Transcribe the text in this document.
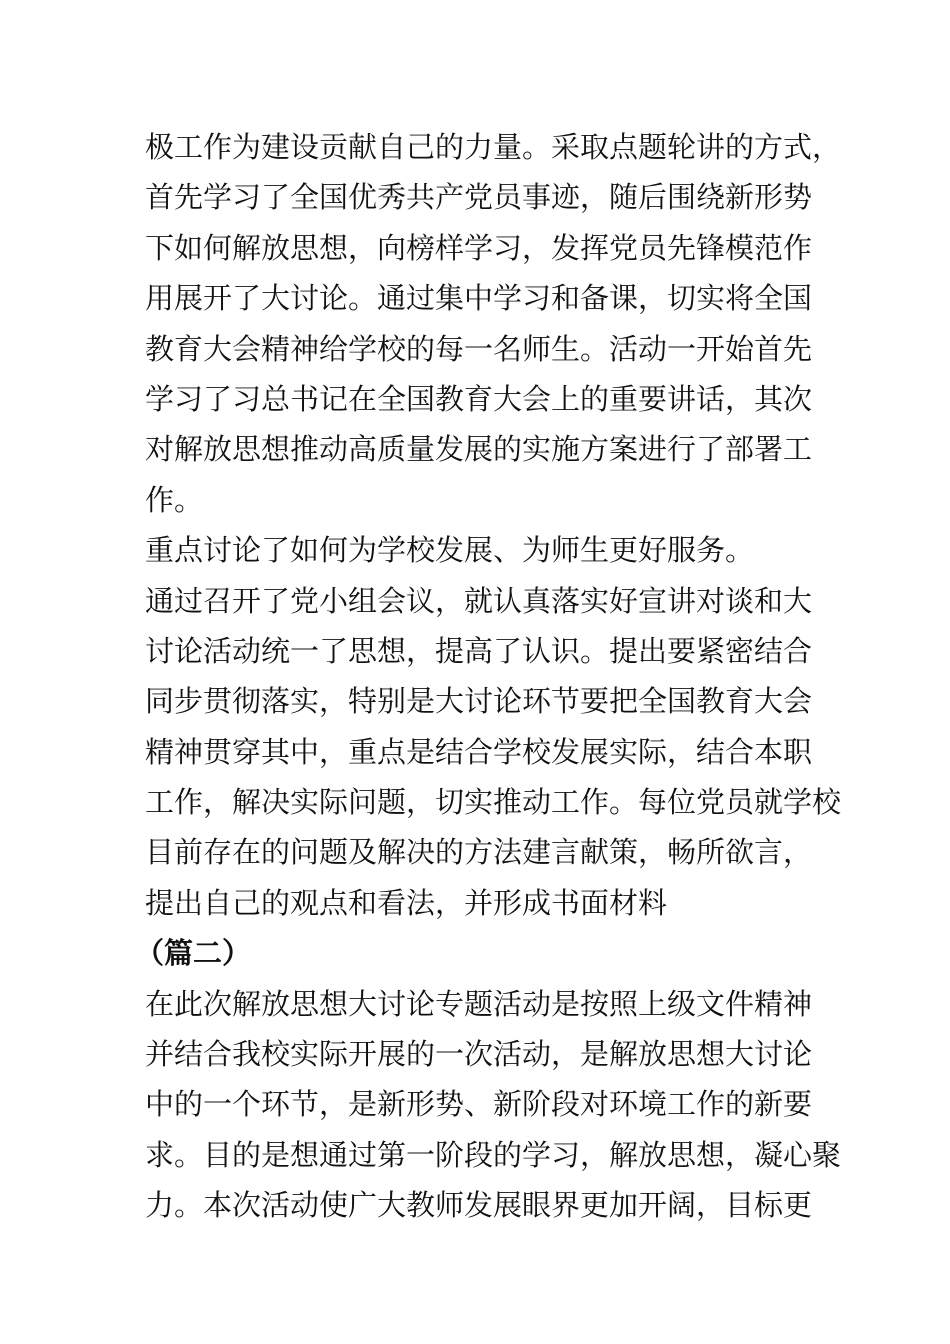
极工作为建设贡献自己的力量。采取点题轮讲的方式，
首先学习了全国优秀共产党员事迹，随后围绕新形势
下如何解放思想，向榜样学习，发挥党员先锋模范作
用展开了大讨论。通过集中学习和备课，切实将全国
教育大会精神给学校的每一名师生。活动一开始首先
学习了习总书记在全国教育大会上的重要讲话，其次
对解放思想推动高质量发展的实施方案进行了部署工
作。
重点讨论了如何为学校发展、为师生更好服务。
通过召开了党小组会议，就认真落实好宣讲对谈和大
讨论活动统一了思想，提高了认识。提出要紧密结合
同步贯彻落实，特别是大讨论环节要把全国教育大会
精神贯穿其中，重点是结合学校发展实际，结合本职
工作，解决实际问题，切实推动工作。每位党员就学校
目前存在的问题及解决的方法建言献策，畅所欲言，
提出自己的观点和看法，并形成书面材料
（篇二）
在此次解放思想大讨论专题活动是按照上级文件精神
并结合我校实际开展的一次活动，是解放思想大讨论
中的一个环节，是新形势、新阶段对环境工作的新要
求。目的是想通过第一阶段的学习，解放思想，凝心聚
力。本次活动使广大教师发展眼界更加开阔，目标更
